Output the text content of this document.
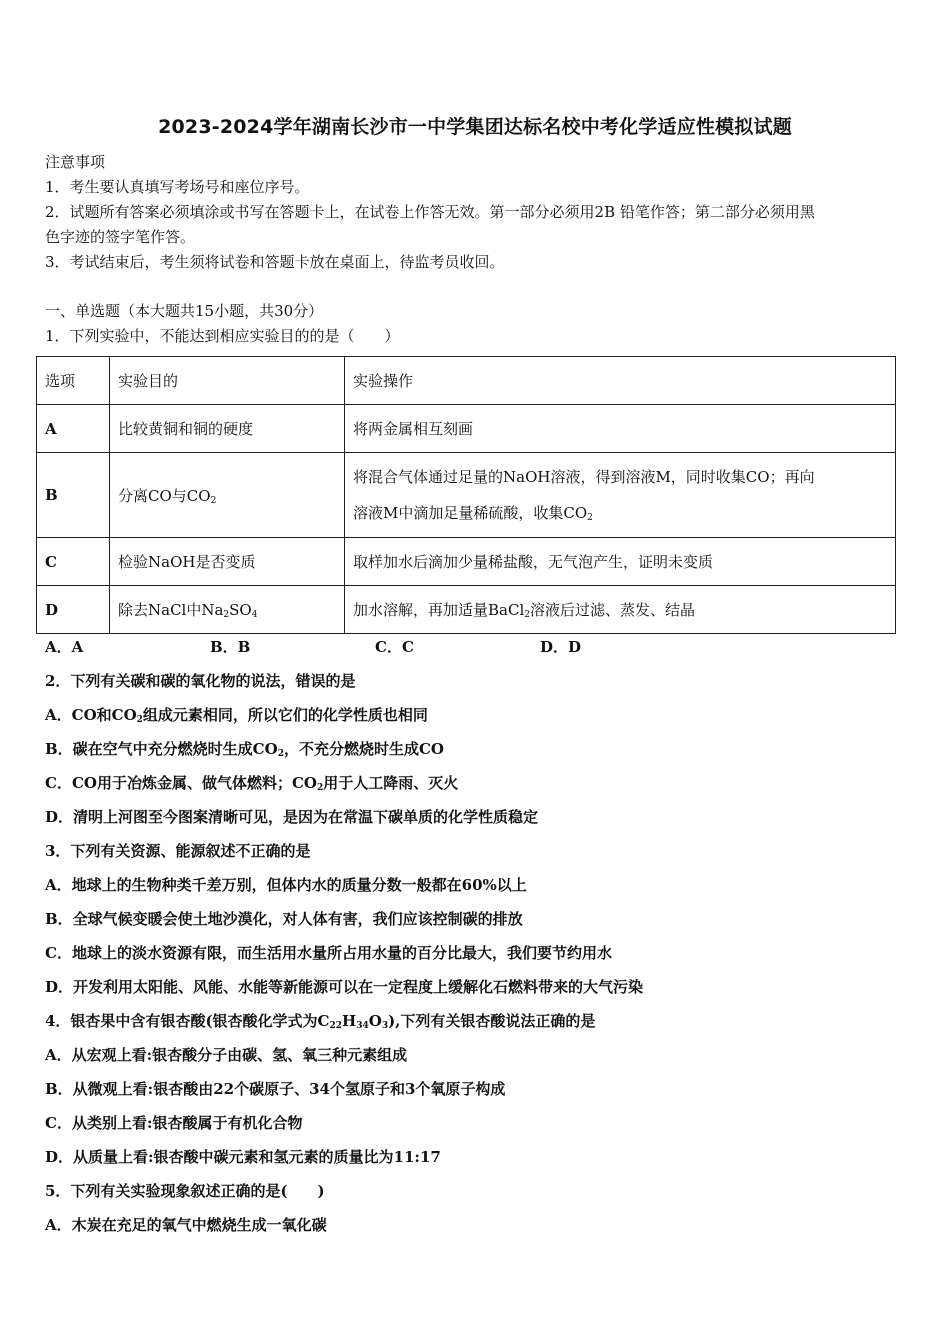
2023-2024学年湖南长沙市一中学集团达标名校中考化学适应性模拟试题
注意事项
1．考生要认真填写考场号和座位序号。
2．试题所有答案必须填涂或书写在答题卡上，在试卷上作答无效。第一部分必须用2B 铅笔作答；第二部分必须用黑
色字迹的签字笔作答。
3．考试结束后，考生须将试卷和答题卡放在桌面上，待监考员收回。
一、单选题（本大题共15小题，共30分）
1．下列实验中，不能达到相应实验目的的是（　　）
选项	实验目的	实验操作
A	比较黄铜和铜的硬度	将两金属相互刻画
B	分离CO与$CO_2$	将混合气体通过足量的NaOH溶液，得到溶液M，同时收集CO；再向
溶液M中滴加足量稀硫酸，收集$CO_2$

C	检验NaOH是否变质	取样加水后滴加少量稀盐酸，无气泡产生，证明未变质
D	除去NaCl中$Na_2SO_4$	加水溶解，再加适量BaCl$_2$溶液后过滤、蒸发、结晶
A．A	B．B	C．C	D．D
2．下列有关碳和碳的氧化物的说法，错误的是
A．CO和$CO_2$组成元素相同，所以它们的化学性质也相同
B．碳在空气中充分燃烧时生成$CO_2$，不充分燃烧时生成CO
C．CO用于冶炼金属、做气体燃料；$CO_2$用于人工降雨、灭火
D．清明上河图至今图案清晰可见，是因为在常温下碳单质的化学性质稳定
3．下列有关资源、能源叙述不正确的是
A．地球上的生物种类千差万别，但体内水的质量分数一般都在60%以上
B．全球气候变暖会使土地沙漠化，对人体有害，我们应该控制碳的排放
C．地球上的淡水资源有限，而生活用水量所占用水量的百分比最大，我们要节约用水
D．开发利用太阳能、风能、水能等新能源可以在一定程度上缓解化石燃料带来的大气污染
4．银杏果中含有银杏酸(银杏酸化学式为$C_{22}H_{34}O_3$),下列有关银杏酸说法正确的是
A．从宏观上看:银杏酸分子由碳、氢、氧三种元素组成
B．从微观上看:银杏酸由22个碳原子、34个氢原子和3个氧原子构成
C．从类别上看:银杏酸属于有机化合物
D．从质量上看:银杏酸中碳元素和氢元素的质量比为11:17
5．下列有关实验现象叙述正确的是(　　)
A．木炭在充足的氧气中燃烧生成一氧化碳
